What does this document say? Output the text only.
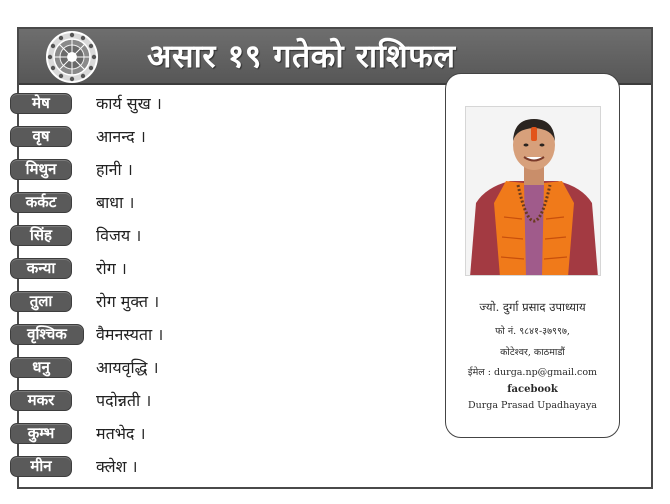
असार १९ गतेको राशिफल
मेष	कार्य सुख ।
वृष	आनन्द ।
मिथुन	हानी ।
कर्कट	बाधा ।
सिंह	विजय ।
कन्या	रोग ।
तुला	रोग मुक्त ।
वृश्चिक	वैमनस्यता ।
धनु	आयवृद्धि ।
मकर	पदोन्नती ।
कुम्भ	मतभेद ।
मीन	क्लेश ।
ज्यो. दुर्गा प्रसाद उपाध्याय
फो नं. ९८४१-३७९९७,
कोटेश्वर, काठमाडौं
ईमेल : durga.np@gmail.com
facebook
Durga Prasad Upadhayaya
